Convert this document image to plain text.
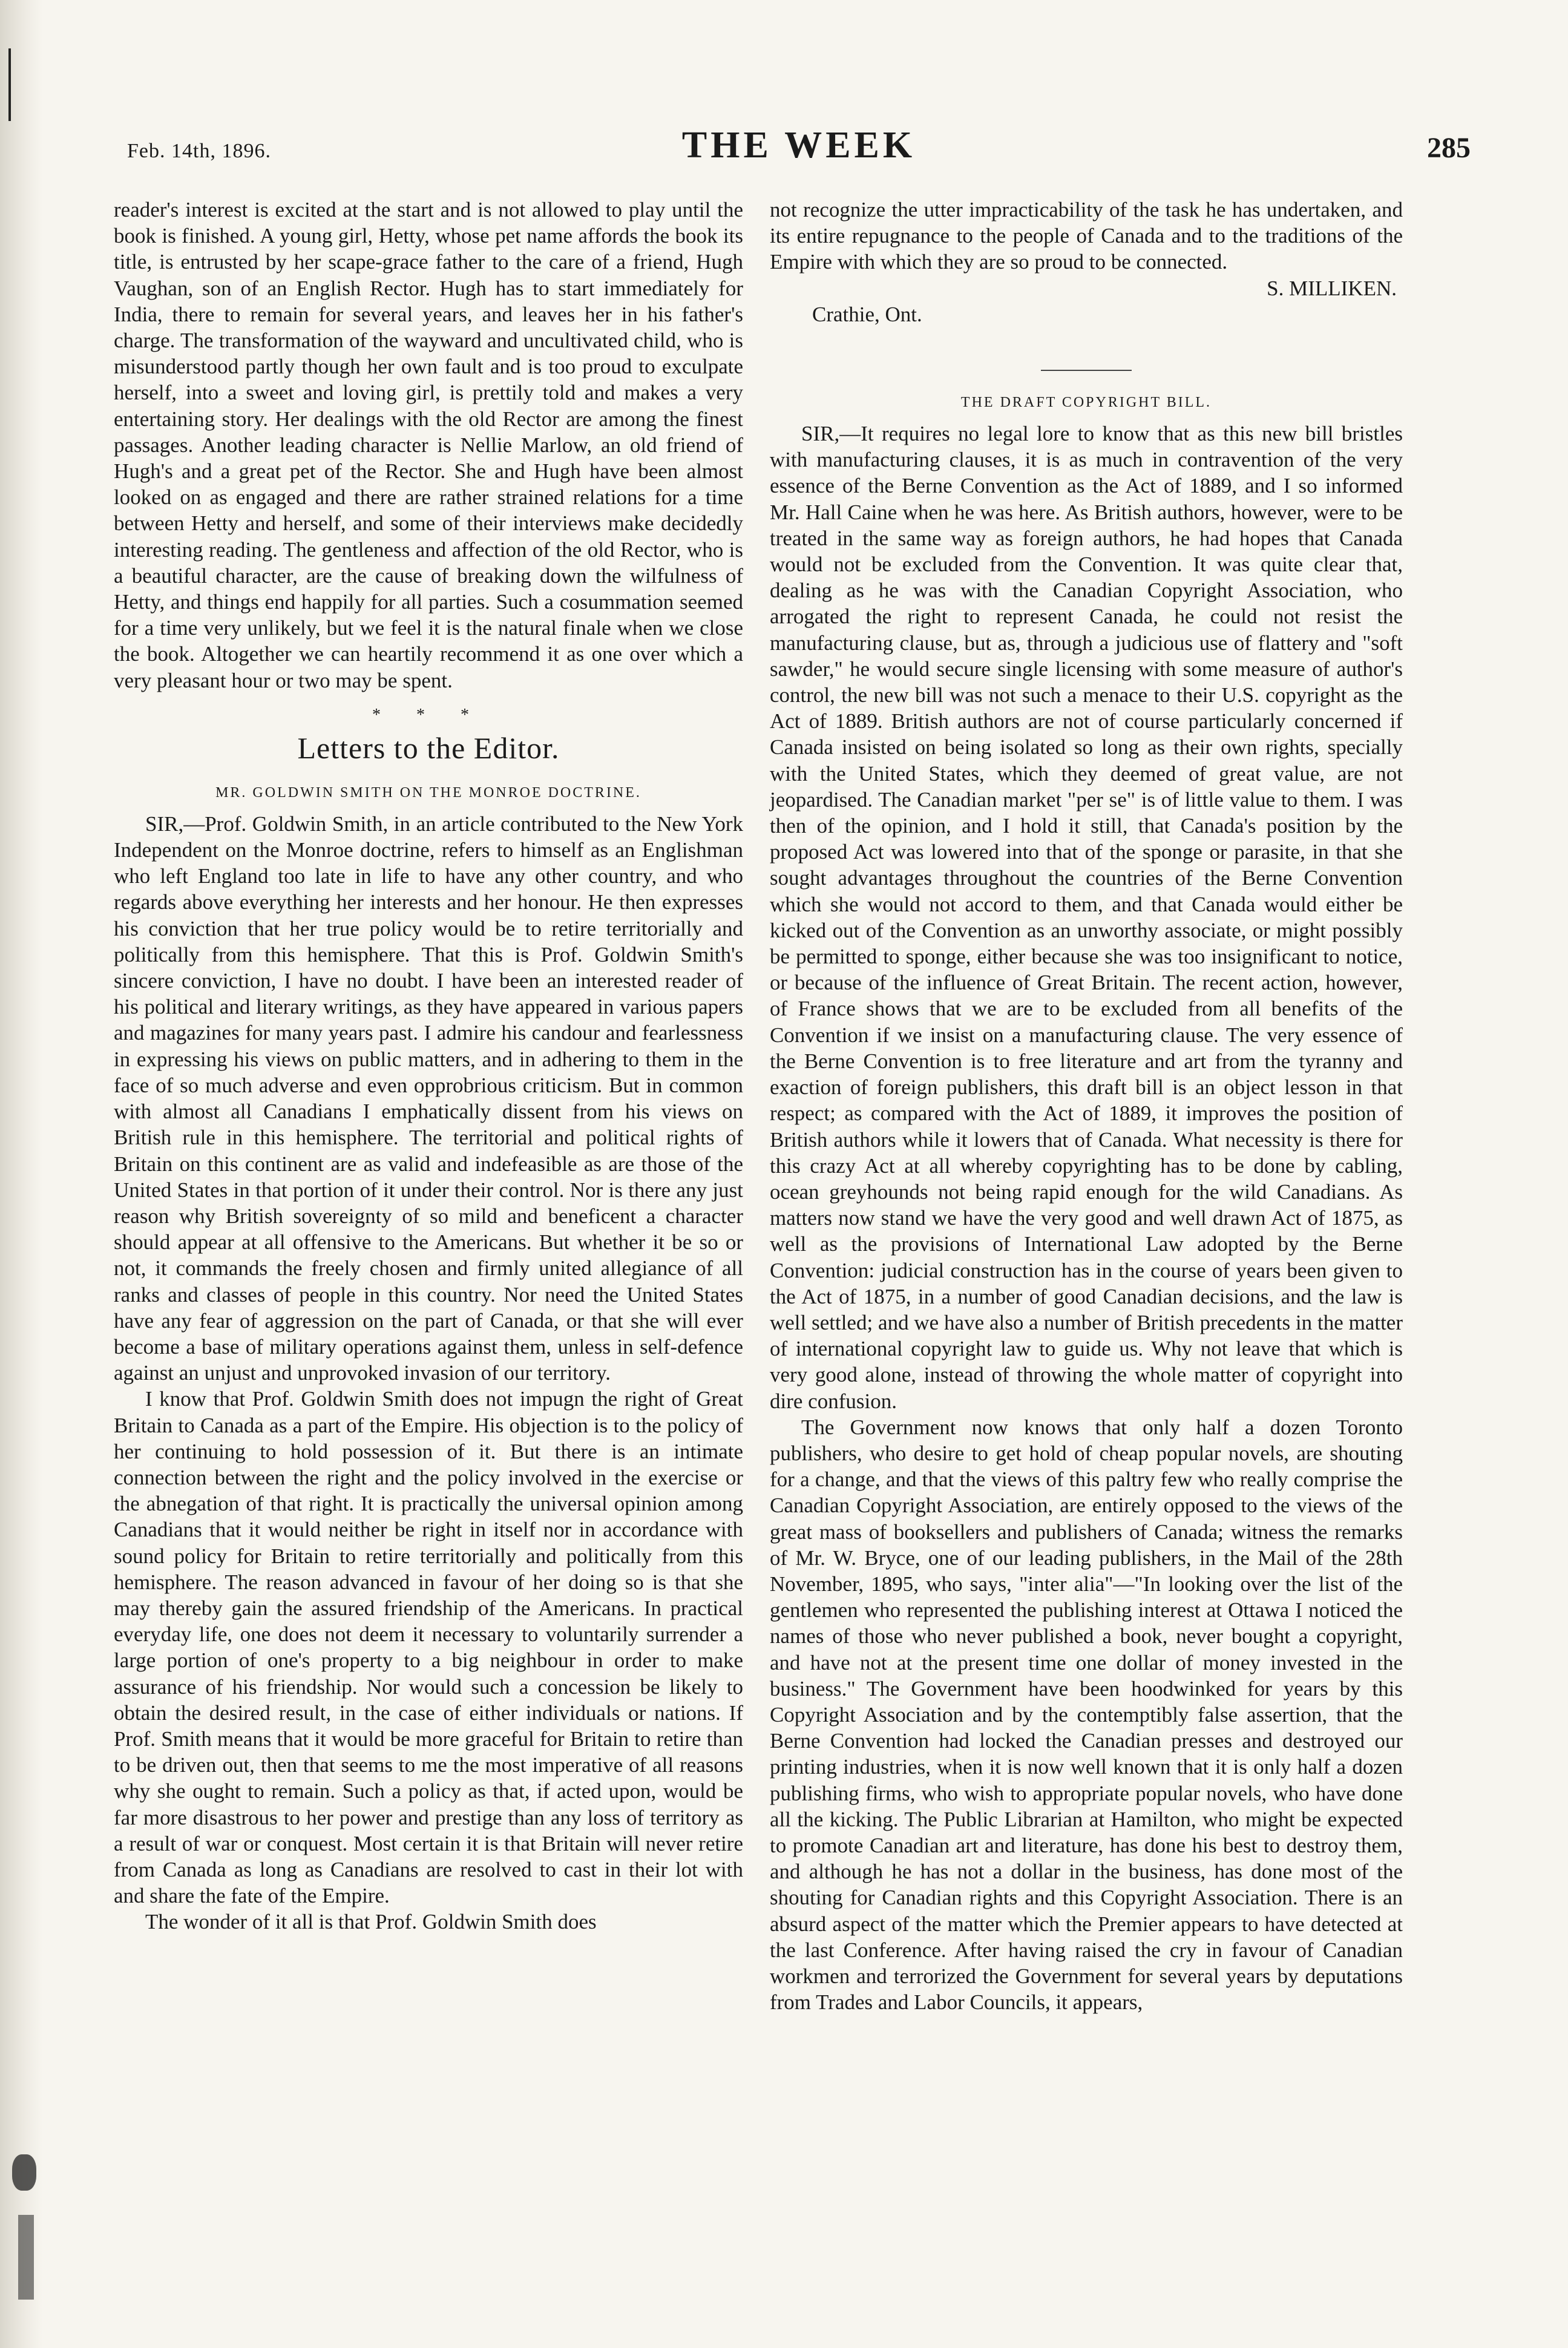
Feb. 14th, 1896.	THE WEEK	285

reader's interest is excited at the start and is not allowed to play until the book is finished. A young girl, Hetty, whose pet name affords the book its title, is entrusted by her scape-grace father to the care of a friend, Hugh Vaughan, son of an English Rector. Hugh has to start immediately for India, there to remain for several years, and leaves her in his father's charge. The transformation of the wayward and uncultivated child, who is misunderstood partly though her own fault and is too proud to exculpate herself, into a sweet and loving girl, is prettily told and makes a very entertaining story. Her dealings with the old Rector are among the finest passages. Another leading character is Nellie Marlow, an old friend of Hugh's and a great pet of the Rector. She and Hugh have been almost looked on as engaged and there are rather strained relations for a time between Hetty and herself, and some of their interviews make decidedly interesting reading. The gentleness and affection of the old Rector, who is a beautiful character, are the cause of breaking down the wilfulness of Hetty, and things end happily for all parties. Such a cosummation seemed for a time very unlikely, but we feel it is the natural finale when we close the book. Altogether we can heartily recommend it as one over which a very pleasant hour or two may be spent.

* * *
Letters to the Editor.
MR. GOLDWIN SMITH ON THE MONROE DOCTRINE.

SIR,—Prof. Goldwin Smith, in an article contributed to the New York Independent on the Monroe doctrine, refers to himself as an Englishman who left England too late in life to have any other country, and who regards above everything her interests and her honour. He then expresses his conviction that her true policy would be to retire territorially and politically from this hemisphere. That this is Prof. Goldwin Smith's sincere conviction, I have no doubt. I have been an interested reader of his political and literary writings, as they have appeared in various papers and magazines for many years past. I admire his candour and fearlessness in expressing his views on public matters, and in adhering to them in the face of so much adverse and even opprobrious criticism. But in common with almost all Canadians I emphatically dissent from his views on British rule in this hemisphere. The territorial and political rights of Britain on this continent are as valid and indefeasible as are those of the United States in that portion of it under their control. Nor is there any just reason why British sovereignty of so mild and beneficent a character should appear at all offensive to the Americans. But whether it be so or not, it commands the freely chosen and firmly united allegiance of all ranks and classes of people in this country. Nor need the United States have any fear of aggression on the part of Canada, or that she will ever become a base of military operations against them, unless in self-defence against an unjust and unprovoked invasion of our territory.

I know that Prof. Goldwin Smith does not impugn the right of Great Britain to Canada as a part of the Empire. His objection is to the policy of her continuing to hold possession of it. But there is an intimate connection between the right and the policy involved in the exercise or the abnegation of that right. It is practically the universal opinion among Canadians that it would neither be right in itself nor in accordance with sound policy for Britain to retire territorially and politically from this hemisphere. The reason advanced in favour of her doing so is that she may thereby gain the assured friendship of the Americans. In practical everyday life, one does not deem it necessary to voluntarily surrender a large portion of one's property to a big neighbour in order to make assurance of his friendship. Nor would such a concession be likely to obtain the desired result, in the case of either individuals or nations. If Prof. Smith means that it would be more graceful for Britain to retire than to be driven out, then that seems to me the most imperative of all reasons why she ought to remain. Such a policy as that, if acted upon, would be far more disastrous to her power and prestige than any loss of territory as a result of war or conquest. Most certain it is that Britain will never retire from Canada as long as Canadians are resolved to cast in their lot with and share the fate of the Empire.

The wonder of it all is that Prof. Goldwin Smith does

not recognize the utter impracticability of the task he has undertaken, and its entire repugnance to the people of Canada and to the traditions of the Empire with which they are so proud to be connected.

S. MILLIKEN.

Crathie, Ont.

THE DRAFT COPYRIGHT BILL.

SIR,—It requires no legal lore to know that as this new bill bristles with manufacturing clauses, it is as much in contravention of the very essence of the Berne Convention as the Act of 1889, and I so informed Mr. Hall Caine when he was here. As British authors, however, were to be treated in the same way as foreign authors, he had hopes that Canada would not be excluded from the Convention. It was quite clear that, dealing as he was with the Canadian Copyright Association, who arrogated the right to represent Canada, he could not resist the manufacturing clause, but as, through a judicious use of flattery and "soft sawder," he would secure single licensing with some measure of author's control, the new bill was not such a menace to their U.S. copyright as the Act of 1889. British authors are not of course particularly concerned if Canada insisted on being isolated so long as their own rights, specially with the United States, which they deemed of great value, are not jeopardised. The Canadian market "per se" is of little value to them. I was then of the opinion, and I hold it still, that Canada's position by the proposed Act was lowered into that of the sponge or parasite, in that she sought advantages throughout the countries of the Berne Convention which she would not accord to them, and that Canada would either be kicked out of the Convention as an unworthy associate, or might possibly be permitted to sponge, either because she was too insignificant to notice, or because of the influence of Great Britain. The recent action, however, of France shows that we are to be excluded from all benefits of the Convention if we insist on a manufacturing clause. The very essence of the Berne Convention is to free literature and art from the tyranny and exaction of foreign publishers, this draft bill is an object lesson in that respect; as compared with the Act of 1889, it improves the position of British authors while it lowers that of Canada. What necessity is there for this crazy Act at all whereby copyrighting has to be done by cabling, ocean greyhounds not being rapid enough for the wild Canadians. As matters now stand we have the very good and well drawn Act of 1875, as well as the provisions of International Law adopted by the Berne Convention: judicial construction has in the course of years been given to the Act of 1875, in a number of good Canadian decisions, and the law is well settled; and we have also a number of British precedents in the matter of international copyright law to guide us. Why not leave that which is very good alone, instead of throwing the whole matter of copyright into dire confusion.

The Government now knows that only half a dozen Toronto publishers, who desire to get hold of cheap popular novels, are shouting for a change, and that the views of this paltry few who really comprise the Canadian Copyright Association, are entirely opposed to the views of the great mass of booksellers and publishers of Canada; witness the remarks of Mr. W. Bryce, one of our leading publishers, in the Mail of the 28th November, 1895, who says, "inter alia"—"In looking over the list of the gentlemen who represented the publishing interest at Ottawa I noticed the names of those who never published a book, never bought a copyright, and have not at the present time one dollar of money invested in the business." The Government have been hoodwinked for years by this Copyright Association and by the contemptibly false assertion, that the Berne Convention had locked the Canadian presses and destroyed our printing industries, when it is now well known that it is only half a dozen publishing firms, who wish to appropriate popular novels, who have done all the kicking. The Public Librarian at Hamilton, who might be expected to promote Canadian art and literature, has done his best to destroy them, and although he has not a dollar in the business, has done most of the shouting for Canadian rights and this Copyright Association. There is an absurd aspect of the matter which the Premier appears to have detected at the last Conference. After having raised the cry in favour of Canadian workmen and terrorized the Government for several years by deputations from Trades and Labor Councils, it appears,
